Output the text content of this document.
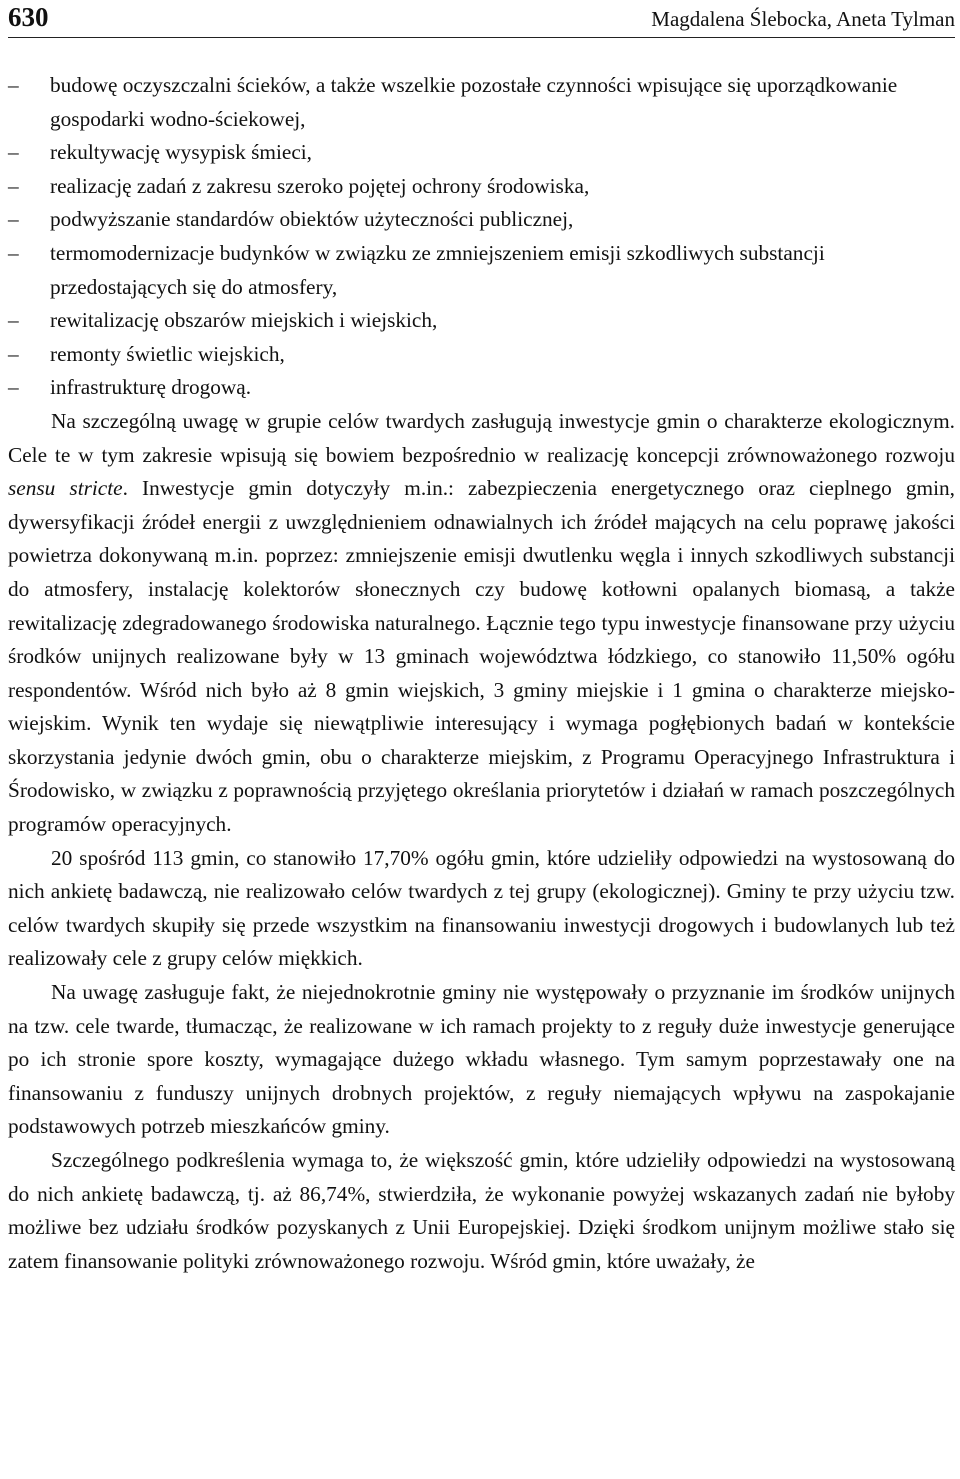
630	Magdalena Ślebocka, Aneta Tylman
– budowę oczyszczalni ścieków, a także wszelkie pozostałe czynności wpisujące się uporządkowanie gospodarki wodno-ściekowej,
– rekultywację wysypisk śmieci,
– realizację zadań z zakresu szeroko pojętej ochrony środowiska,
– podwyższanie standardów obiektów użyteczności publicznej,
– termomodernizacje budynków w związku ze zmniejszeniem emisji szkodliwych substancji przedostających się do atmosfery,
– rewitalizację obszarów miejskich i wiejskich,
– remonty świetlic wiejskich,
– infrastrukturę drogową.

Na szczególną uwagę w grupie celów twardych zasługują inwestycje gmin o charakterze ekologicznym. Cele te w tym zakresie wpisują się bowiem bezpośrednio w realizację koncepcji zrównoważonego rozwoju sensu stricte. Inwestycje gmin dotyczyły m.in.: zabezpieczenia energetycznego oraz cieplnego gmin, dywersyfikacji źródeł energii z uwzględnieniem odnawialnych ich źródeł mających na celu poprawę jakości powietrza dokonywaną m.in. poprzez: zmniejszenie emisji dwutlenku węgla i innych szkodliwych substancji do atmosfery, instalację kolektorów słonecznych czy budowę kotłowni opalanych biomasą, a także rewitalizację zdegradowanego środowiska naturalnego. Łącznie tego typu inwestycje finansowane przy użyciu środków unijnych realizowane były w 13 gminach województwa łódzkiego, co stanowiło 11,50% ogółu respondentów. Wśród nich było aż 8 gmin wiejskich, 3 gminy miejskie i 1 gmina o charakterze miejsko-wiejskim. Wynik ten wydaje się niewątpliwie interesujący i wymaga pogłębionych badań w kontekście skorzystania jedynie dwóch gmin, obu o charakterze miejskim, z Programu Operacyjnego Infrastruktura i Środowisko, w związku z poprawnością przyjętego określania priorytetów i działań w ramach poszczególnych programów operacyjnych.

20 spośród 113 gmin, co stanowiło 17,70% ogółu gmin, które udzieliły odpowiedzi na wystosowaną do nich ankietę badawczą, nie realizowało celów twardych z tej grupy (ekologicznej). Gminy te przy użyciu tzw. celów twardych skupiły się przede wszystkim na finansowaniu inwestycji drogowych i budowlanych lub też realizowały cele z grupy celów miękkich.

Na uwagę zasługuje fakt, że niejednokrotnie gminy nie występowały o przyznanie im środków unijnych na tzw. cele twarde, tłumacząc, że realizowane w ich ramach projekty to z reguły duże inwestycje generujące po ich stronie spore koszty, wymagające dużego wkładu własnego. Tym samym poprzestawały one na finansowaniu z funduszy unijnych drobnych projektów, z reguły niemających wpływu na zaspokajanie podstawowych potrzeb mieszkańców gminy.

Szczególnego podkreślenia wymaga to, że większość gmin, które udzieliły odpowiedzi na wystosowaną do nich ankietę badawczą, tj. aż 86,74%, stwierdziła, że wykonanie powyżej wskazanych zadań nie byłoby możliwe bez udziału środków pozyskanych z Unii Europejskiej. Dzięki środkom unijnym możliwe stało się zatem finansowanie polityki zrównoważonego rozwoju. Wśród gmin, które uważały, że
